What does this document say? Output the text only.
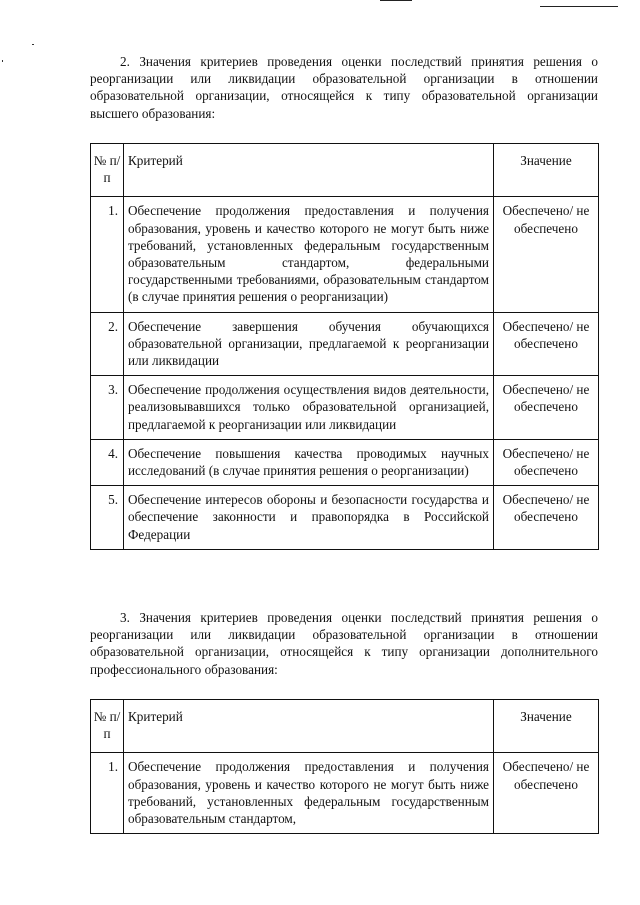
2. Значения критериев проведения оценки последствий принятия решения о реорганизации или ликвидации образовательной организации в отношении образовательной организации, относящейся к типу образовательной организации высшего образования:

№ п/п	Критерий	Значение
1.	Обеспечение продолжения предоставления и получения образования, уровень и качество которого не могут быть ниже требований, установленных федеральным государственным образовательным стандартом, федеральными государственными требованиями, образовательным стандартом (в случае принятия решения о реорганизации)	Обеспечено/ не обеспечено
2.	Обеспечение завершения обучения обучающихся образовательной организации, предлагаемой к реорганизации или ликвидации	Обеспечено/ не обеспечено
3.	Обеспечение продолжения осуществления видов деятельности, реализовывавшихся только образовательной организацией, предлагаемой к реорганизации или ликвидации	Обеспечено/ не обеспечено
4.	Обеспечение повышения качества проводимых научных исследований (в случае принятия решения о реорганизации)	Обеспечено/ не обеспечено
5.	Обеспечение интересов обороны и безопасности государства и обеспечение законности и правопорядка в Российской Федерации	Обеспечено/ не обеспечено

3. Значения критериев проведения оценки последствий принятия решения о реорганизации или ликвидации образовательной организации в отношении образовательной организации, относящейся к типу организации дополнительного профессионального образования:

№ п/п	Критерий	Значение
1.	Обеспечение продолжения предоставления и получения образования, уровень и качество которого не могут быть ниже требований, установленных федеральным государственным образовательным стандартом,	Обеспечено/ не обеспечено
